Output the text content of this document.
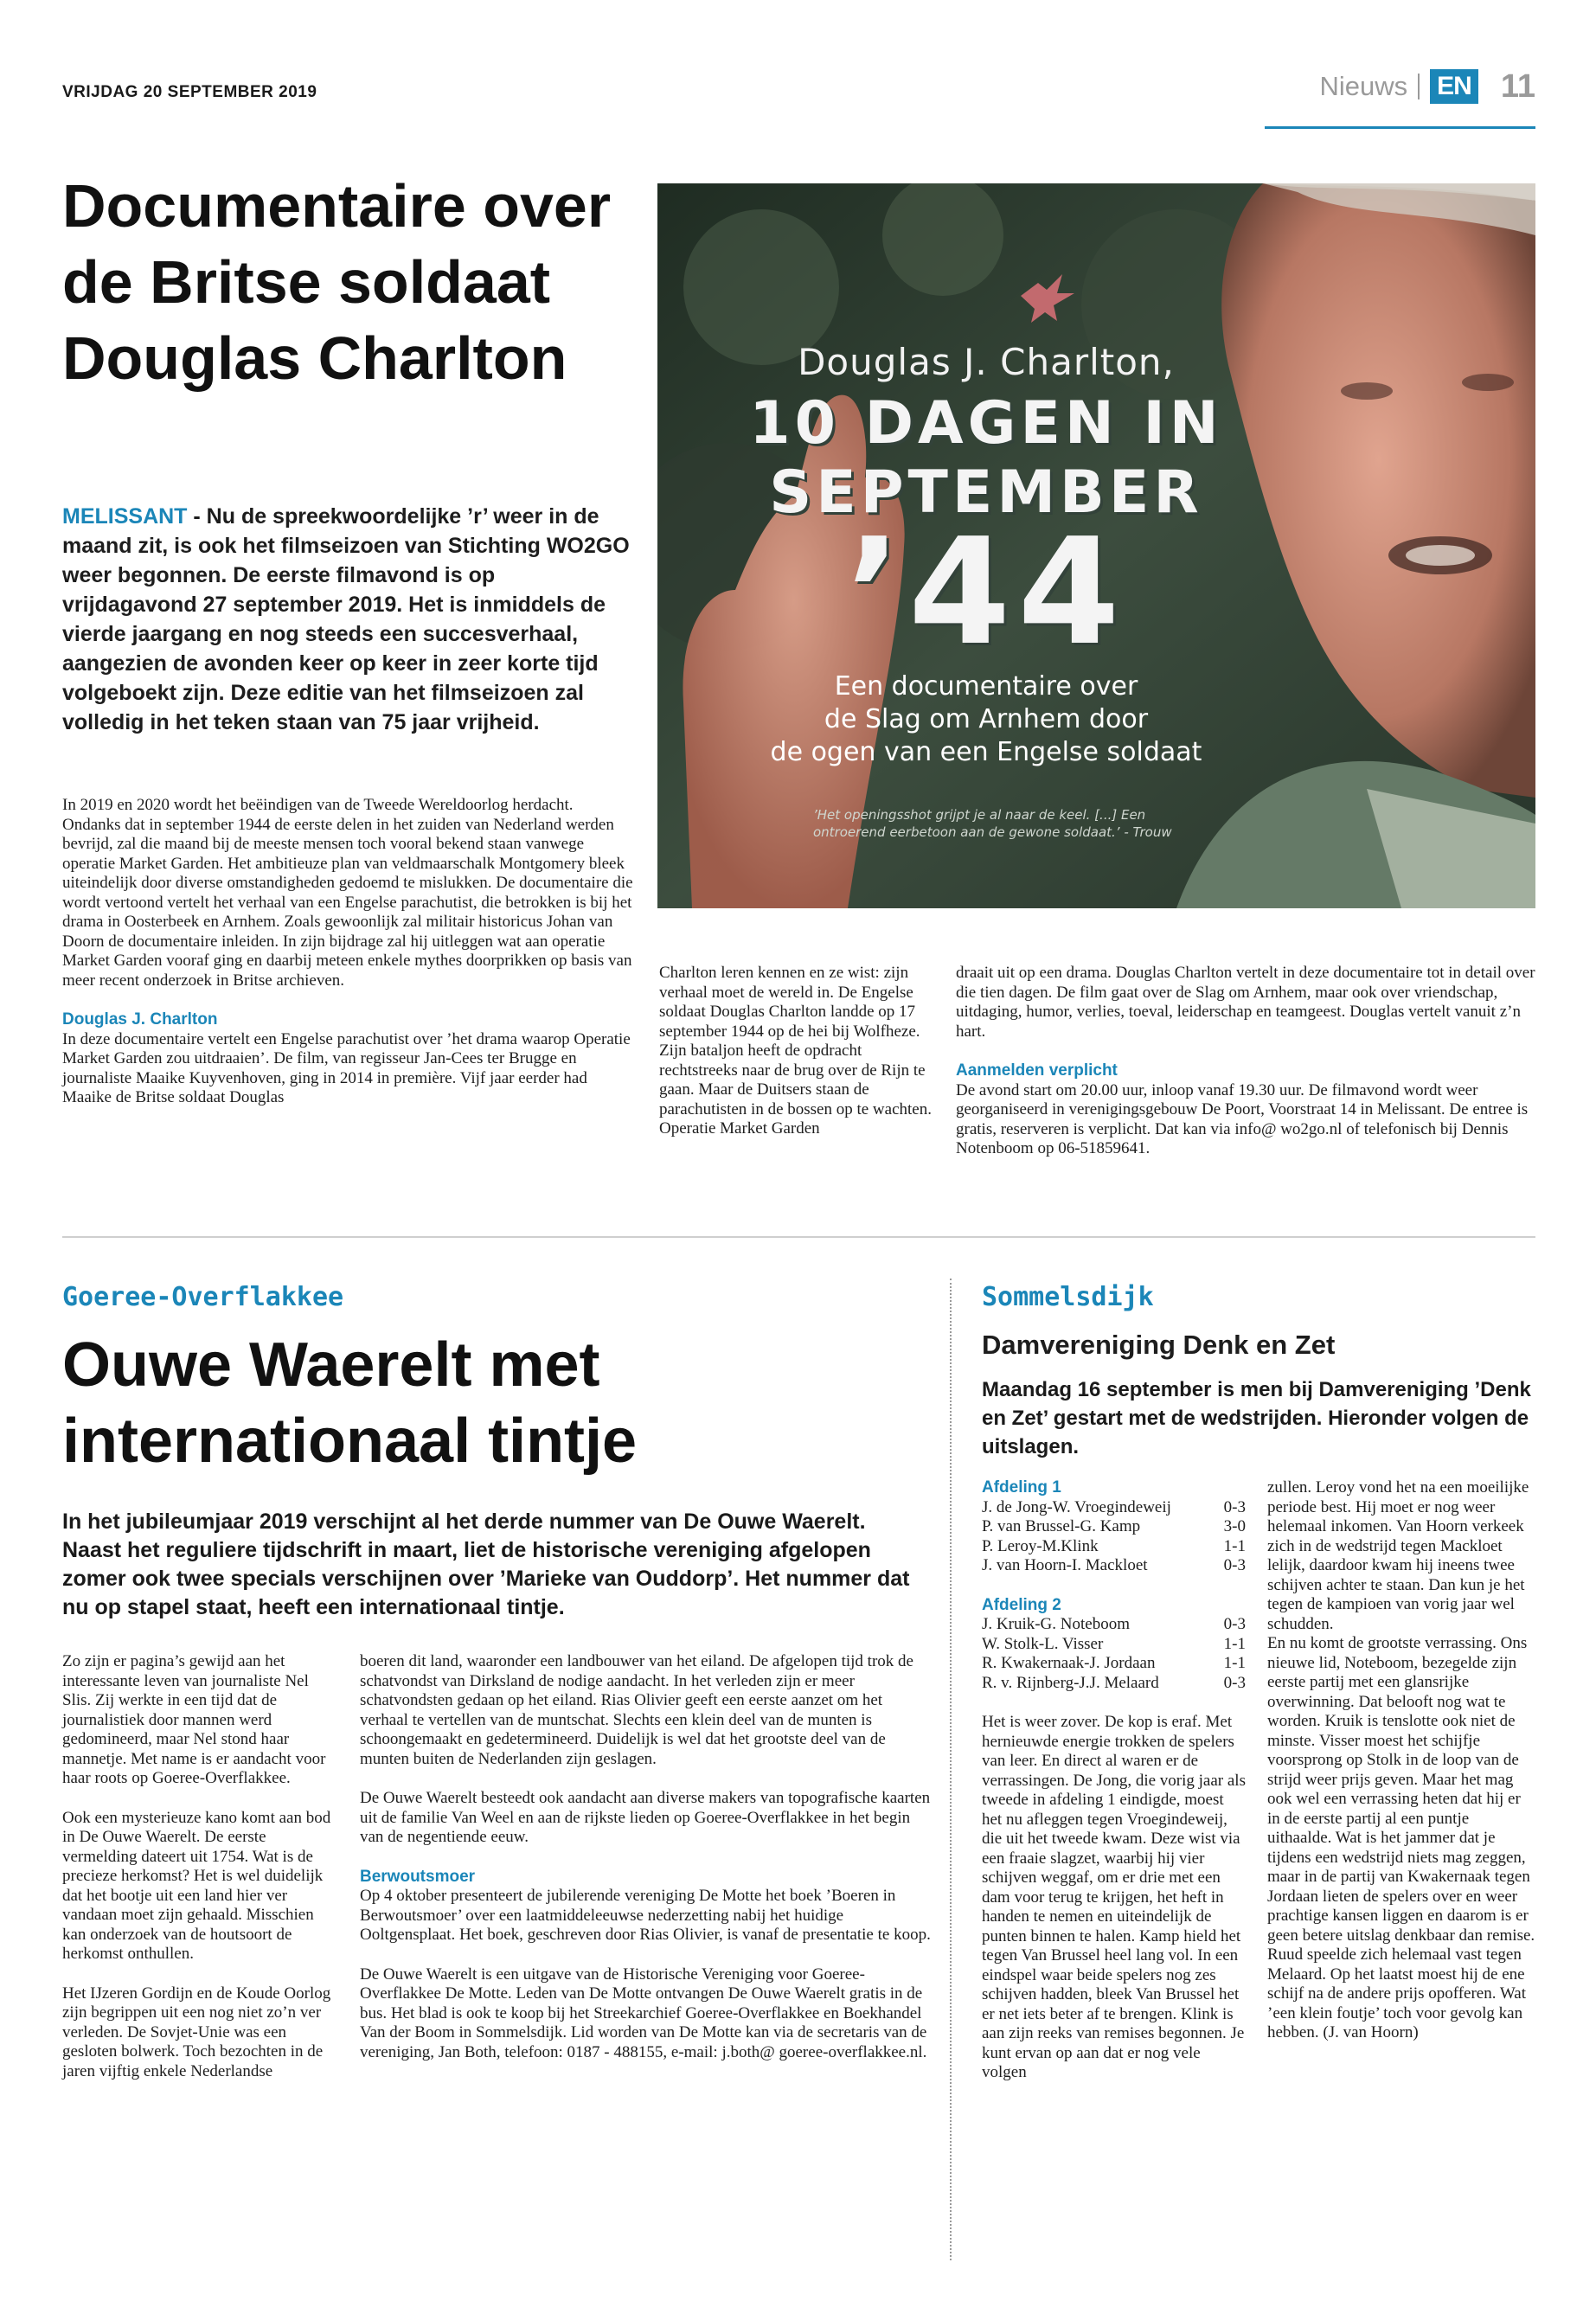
VRIJDAG 20 SEPTEMBER 2019	Nieuws EN 11
Documentaire over de Britse soldaat Douglas Charlton

MELISSANT - Nu de spreekwoordelijke ’r’ weer in de maand zit, is ook het filmseizoen van Stichting WO2GO weer begonnen. De eerste filmavond is op vrijdagavond 27 september 2019. Het is inmiddels de vierde jaargang en nog steeds een succesverhaal, aangezien de avonden keer op keer in zeer korte tijd volgeboekt zijn. Deze editie van het filmseizoen zal volledig in het teken staan van 75 jaar vrijheid.

In 2019 en 2020 wordt het beëindigen van de Tweede Wereldoorlog herdacht. Ondanks dat in september 1944 de eerste delen in het zuiden van Nederland werden bevrijd, zal die maand bij de meeste mensen toch vooral bekend staan vanwege operatie Market Garden. Het ambitieuze plan van veldmaarschalk Montgomery bleek uiteindelijk door diverse omstandigheden gedoemd te mislukken. De documentaire die wordt vertoond vertelt het verhaal van een Engelse parachutist, die betrokken is bij het drama in Oosterbeek en Arnhem. Zoals gewoonlijk zal militair historicus Johan van Doorn de documentaire inleiden. In zijn bijdrage zal hij uitleggen wat aan operatie Market Garden vooraf ging en daarbij meteen enkele mythes doorprikken op basis van meer recent onderzoek in Britse archieven.

Douglas J. Charlton

In deze documentaire vertelt een Engelse parachutist over ’het drama waarop Operatie Market Garden zou uitdraaien’. De film, van regisseur Jan-Cees ter Brugge en journaliste Maaike Kuyvenhoven, ging in 2014 in première. Vijf jaar eerder had Maaike de Britse soldaat Douglas

Charlton leren kennen en ze wist: zijn verhaal moet de wereld in. De Engelse soldaat Douglas Charlton landde op 17 september 1944 op de hei bij Wolfheze. Zijn bataljon heeft de opdracht rechtstreeks naar de brug over de Rijn te gaan. Maar de Duitsers staan de parachutisten in de bossen op te wachten. Operatie Market Garden

draait uit op een drama. Douglas Charlton vertelt in deze documentaire tot in detail over die tien dagen. De film gaat over de Slag om Arnhem, maar ook over vriendschap, uitdaging, humor, verlies, toeval, leiderschap en teamgeest. Douglas vertelt vanuit z’n hart.

Aanmelden verplicht

De avond start om 20.00 uur, inloop vanaf 19.30 uur. De filmavond wordt weer georganiseerd in verenigingsgebouw De Poort, Voorstraat 14 in Melissant. De entree is gratis, reserveren is verplicht. Dat kan via info@ wo2go.nl of telefonisch bij Dennis Notenboom op 06-51859641.

Douglas J. Charlton,
10 DAGEN IN
SEPTEMBER
’44
Een documentaire over
de Slag om Arnhem door
de ogen van een Engelse soldaat
’Het openingsshot grijpt je al naar de keel. [...] Een ontroerend eerbetoon aan de gewone soldaat.’ - Trouw
Goeree-Overflakkee
Ouwe Waerelt met internationaal tintje

In het jubileumjaar 2019 verschijnt al het derde nummer van De Ouwe Waerelt. Naast het reguliere tijdschrift in maart, liet de historische vereniging afgelopen zomer ook twee specials verschijnen over ’Marieke van Ouddorp’. Het nummer dat nu op stapel staat, heeft een internationaal tintje.

Zo zijn er pagina’s gewijd aan het interessante leven van journaliste Nel Slis. Zij werkte in een tijd dat de journalistiek door mannen werd gedomineerd, maar Nel stond haar mannetje. Met name is er aandacht voor haar roots op Goeree-Overflakkee.

Ook een mysterieuze kano komt aan bod in De Ouwe Waerelt. De eerste vermelding dateert uit 1754. Wat is de precieze herkomst? Het is wel duidelijk dat het bootje uit een land hier ver vandaan moet zijn gehaald. Misschien kan onderzoek van de houtsoort de herkomst onthullen.

Het IJzeren Gordijn en de Koude Oorlog zijn begrippen uit een nog niet zo’n ver verleden. De Sovjet-Unie was een gesloten bolwerk. Toch bezochten in de jaren vijftig enkele Nederlandse

boeren dit land, waaronder een landbouwer van het eiland. De afgelopen tijd trok de schatvondst van Dirksland de nodige aandacht. In het verleden zijn er meer schatvondsten gedaan op het eiland. Rias Olivier geeft een eerste aanzet om het verhaal te vertellen van de muntschat. Slechts een klein deel van de munten is schoongemaakt en gedetermineerd. Duidelijk is wel dat het grootste deel van de munten buiten de Nederlanden zijn geslagen.

De Ouwe Waerelt besteedt ook aandacht aan diverse makers van topografische kaarten uit de familie Van Weel en aan de rijkste lieden op Goeree-Overflakkee in het begin van de negentiende eeuw.

Berwoutsmoer

Op 4 oktober presenteert de jubilerende vereniging De Motte het boek ’Boeren in Berwoutsmoer’ over een laatmiddeleeuwse nederzetting nabij het huidige Ooltgensplaat. Het boek, geschreven door Rias Olivier, is vanaf de presentatie te koop.

De Ouwe Waerelt is een uitgave van de Historische Vereniging voor Goeree-Overflakkee De Motte. Leden van De Motte ontvangen De Ouwe Waerelt gratis in de bus. Het blad is ook te koop bij het Streekarchief Goeree-Overflakkee en Boekhandel Van der Boom in Sommelsdijk. Lid worden van De Motte kan via de secretaris van de vereniging, Jan Both, telefoon: 0187 - 488155, e-mail: j.both@ goeree-overflakkee.nl.

Sommelsdijk
Damvereniging Denk en Zet

Maandag 16 september is men bij Damvereniging ’Denk en Zet’ gestart met de wedstrijden. Hieronder volgen de uitslagen.

Afdeling 1

J. de Jong-W. Vroegindeweij	0-3
P. van Brussel-G. Kamp	3-0
P. Leroy-M.Klink	1-1
J. van Hoorn-I. Mackloet	0-3

Afdeling 2

J. Kruik-G. Noteboom	0-3
W. Stolk-L. Visser	1-1
R. Kwakernaak-J. Jordaan	1-1
R. v. Rijnberg-J.J. Melaard	0-3

Het is weer zover. De kop is eraf. Met hernieuwde energie trokken de spelers van leer. En direct al waren er de verrassingen. De Jong, die vorig jaar als tweede in afdeling 1 eindigde, moest het nu afleggen tegen Vroegindeweij, die uit het tweede kwam. Deze wist via een fraaie slagzet, waarbij hij vier schijven weggaf, om er drie met een dam voor terug te krijgen, het heft in handen te nemen en uiteindelijk de punten binnen te halen. Kamp hield het tegen Van Brussel heel lang vol. In een eindspel waar beide spelers nog zes schijven hadden, bleek Van Brussel het er net iets beter af te brengen. Klink is aan zijn reeks van remises begonnen. Je kunt ervan op aan dat er nog vele volgen

zullen. Leroy vond het na een moeilijke periode best. Hij moet er nog weer helemaal inkomen. Van Hoorn verkeek zich in de wedstrijd tegen Mackloet lelijk, daardoor kwam hij ineens twee schijven achter te staan. Dan kun je het tegen de kampioen van vorig jaar wel schudden.

En nu komt de grootste verrassing. Ons nieuwe lid, Noteboom, bezegelde zijn eerste partij met een glansrijke overwinning. Dat belooft nog wat te worden. Kruik is tenslotte ook niet de minste. Visser moest het schijfje voorsprong op Stolk in de loop van de strijd weer prijs geven. Maar het mag ook wel een verrassing heten dat hij er in de eerste partij al een puntje uithaalde. Wat is het jammer dat je tijdens een wedstrijd niets mag zeggen, maar in de partij van Kwakernaak tegen Jordaan lieten de spelers over en weer prachtige kansen liggen en daarom is er geen betere uitslag denkbaar dan remise. Ruud speelde zich helemaal vast tegen Melaard. Op het laatst moest hij de ene schijf na de andere prijs opofferen. Wat ’een klein foutje’ toch voor gevolg kan hebben. (J. van Hoorn)
